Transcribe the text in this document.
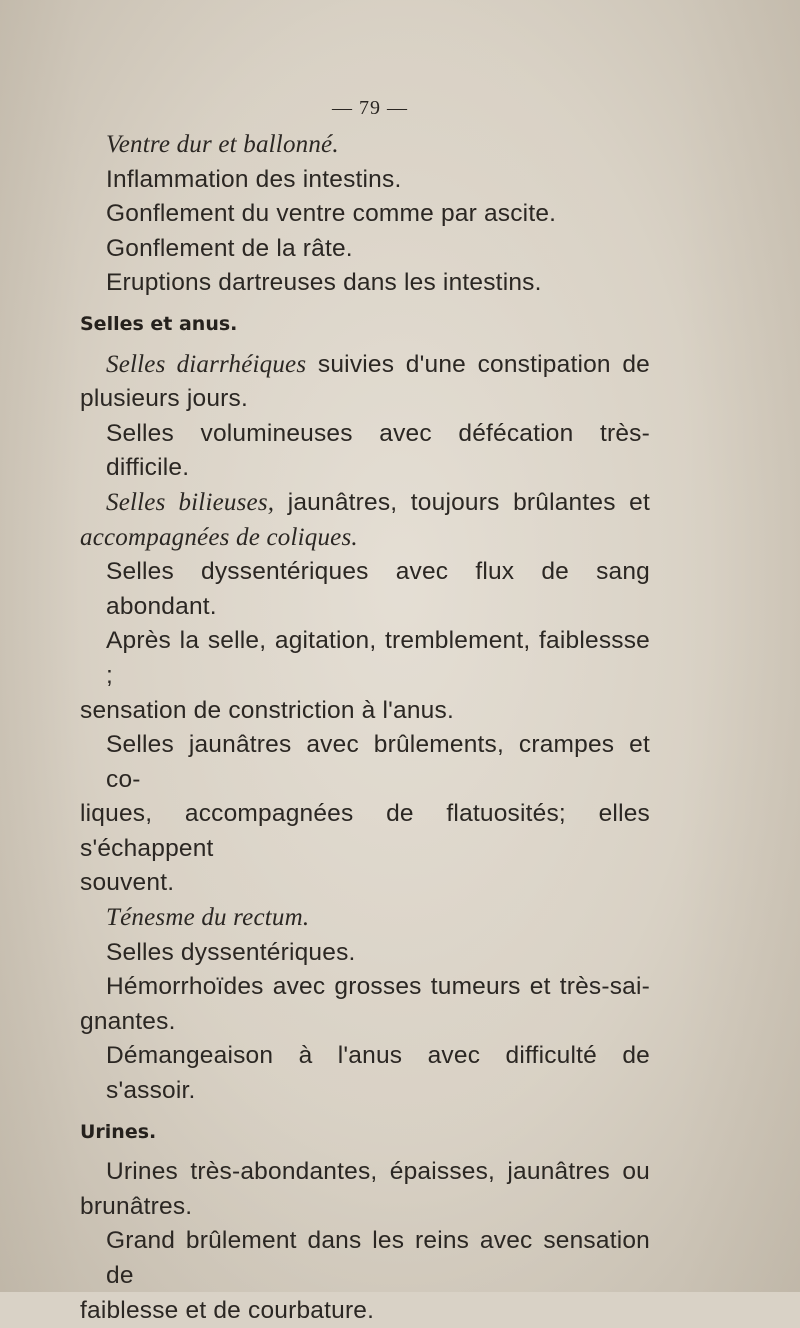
— 79 —
Ventre dur et ballonné.
Inflammation des intestins.
Gonflement du ventre comme par ascite.
Gonflement de la râte.
Eruptions dartreuses dans les intestins.
Selles et anus.
Selles diarrhéiques suivies d'une constipation de
plusieurs jours.
Selles volumineuses avec défécation très-difficile.
Selles bilieuses, jaunâtres, toujours brûlantes et
accompagnées de coliques.
Selles dyssentériques avec flux de sang abondant.
Après la selle, agitation, tremblement, faiblessse ;
sensation de constriction à l'anus.
Selles jaunâtres avec brûlements, crampes et co-
liques, accompagnées de flatuosités; elles s'échappent
souvent.
Ténesme du rectum.
Selles dyssentériques.
Hémorrhoïdes avec grosses tumeurs et très-sai-
gnantes.
Démangeaison à l'anus avec difficulté de s'assoir.
Urines.
Urines très-abondantes, épaisses, jaunâtres ou
brunâtres.
Grand brûlement dans les reins avec sensation de
faiblesse et de courbature.
